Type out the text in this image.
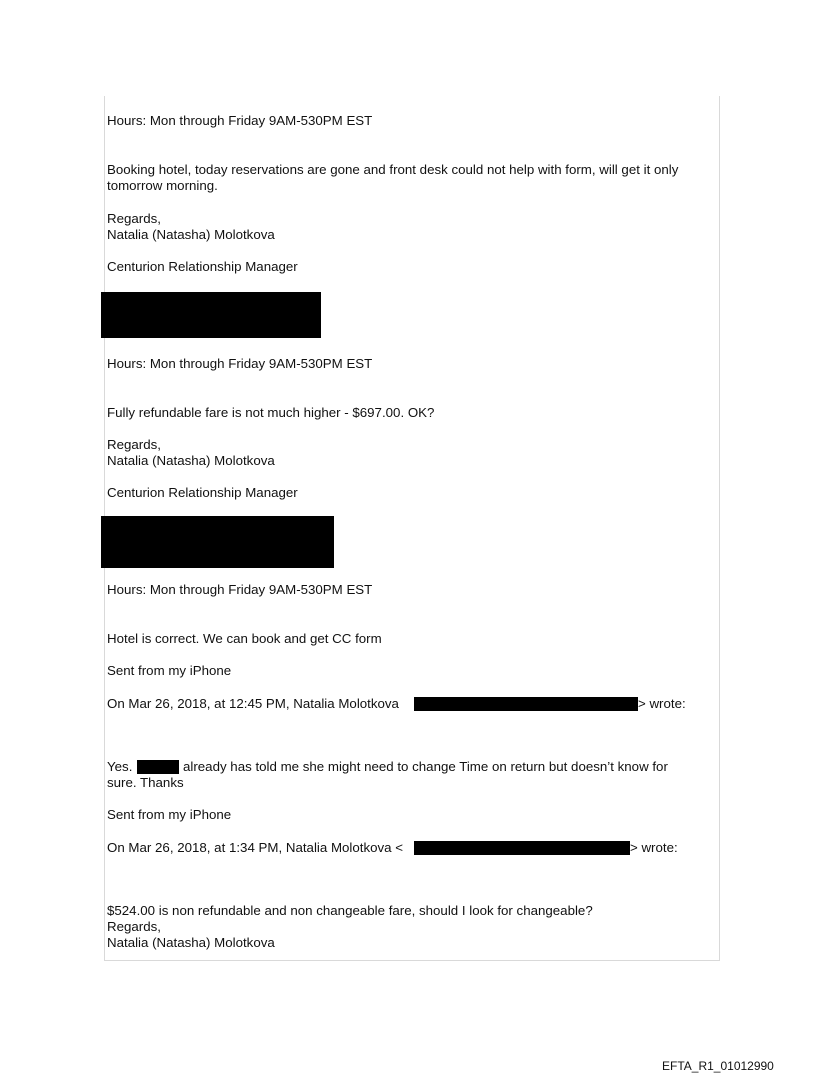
Hours: Mon through Friday 9AM-530PM EST
Booking hotel, today reservations are gone and front desk could not help with form, will get it only tomorrow morning.
Regards,
Natalia (Natasha) Molotkova
Centurion Relationship Manager
Hours: Mon through Friday 9AM-530PM EST
Fully refundable fare is not much higher - $697.00. OK?
Regards,
Natalia (Natasha) Molotkova
Centurion Relationship Manager
Hours: Mon through Friday 9AM-530PM EST
Hotel is correct. We can book and get CC form
Sent from my iPhone
On Mar 26, 2018, at 12:45 PM, Natalia Molotkova	> wrote:
Yes.	already has told me she might need to change Time on return but doesn’t know for
sure. Thanks
Sent from my iPhone
On Mar 26, 2018, at 1:34 PM, Natalia Molotkova <	> wrote:
$524.00 is non refundable and non changeable fare, should I look for changeable?
Regards,
Natalia (Natasha) Molotkova
EFTA_R1_01012990
